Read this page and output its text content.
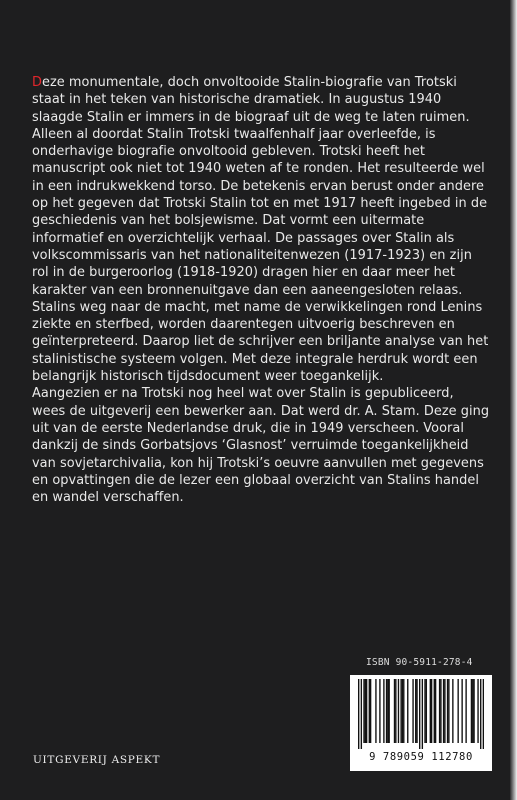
Deze monumentale, doch onvoltooide Stalin-biografie van Trotski staat in het teken van historische dramatiek. In augustus 1940 slaagde Stalin er immers in de biograaf uit de weg te laten ruimen. Alleen al doordat Stalin Trotski twaalfenhalf jaar overleefde, is onderhavige biografie onvoltooid gebleven. Trotski heeft het manuscript ook niet tot 1940 weten af te ronden. Het resulteerde wel in een indrukwekkend torso. De betekenis ervan berust onder andere op het gegeven dat Trotski Stalin tot en met 1917 heeft ingebed in de geschiedenis van het bolsjewisme. Dat vormt een uitermate informatief en overzichtelijk verhaal. De passages over Stalin als volkscommissaris van het nationaliteitenwezen (1917-1923) en zijn rol in de burgeroorlog (1918-1920) dragen hier en daar meer het karakter van een bronnenuitgave dan een aaneengesloten relaas. Stalins weg naar de macht, met name de verwikkelingen rond Lenins ziekte en sterfbed, worden daarentegen uitvoerig beschreven en geïnterpreteerd. Daarop liet de schrijver een briljante analyse van het stalinistische systeem volgen. Met deze integrale herdruk wordt een belangrijk historisch tijdsdocument weer toegankelijk.

Aangezien er na Trotski nog heel wat over Stalin is gepubliceerd, wees de uitgeverij een bewerker aan. Dat werd dr. A. Stam. Deze ging uit van de eerste Nederlandse druk, die in 1949 verscheen. Vooral dankzij de sinds Gorbatsjovs ‘Glasnost’ verruimde toegankelijkheid van sovjetarchivalia, kon hij Trotski’s oeuvre aanvullen met gegevens en opvattingen die de lezer een globaal overzicht van Stalins handel en wandel verschaffen.

ISBN 90-5911-278-4
9 789059 112780
UITGEVERIJ ASPEKT
